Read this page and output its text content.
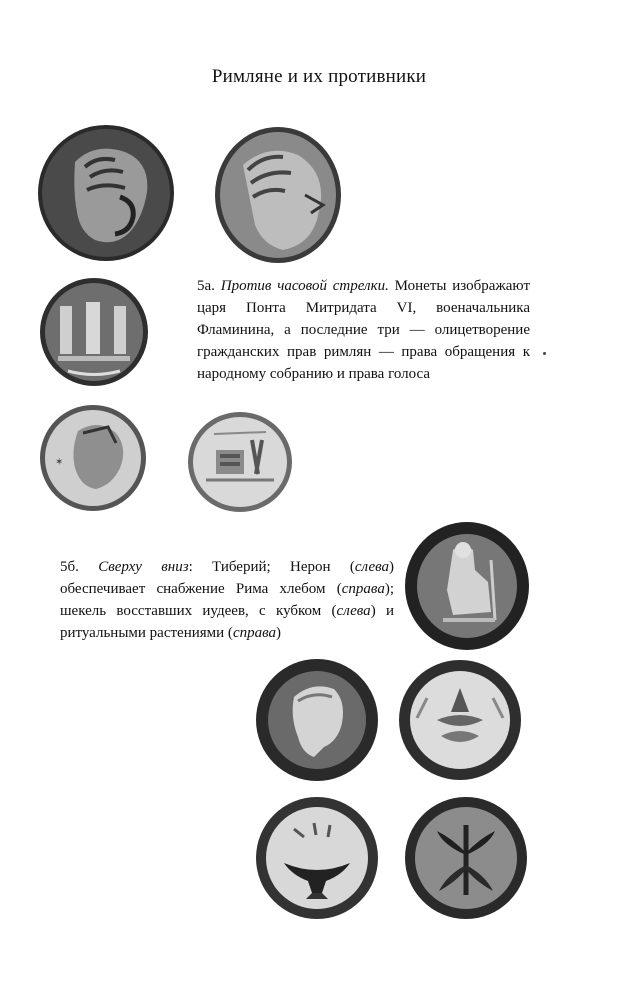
Римляне и их противники
✶
5а. Против часовой стрелки. Монеты изображают царя Понта Митридата VI, военачальника Фламинина, а последние три — олицетворение гражданских прав римлян — права обращения к народному собранию и права голоса
5б. Сверху вниз: Тиберий; Нерон (слева) обеспечивает снабжение Рима хлебом (справа); шекель восставших иудеев, с кубком (слева) и ритуальными растениями (справа)
